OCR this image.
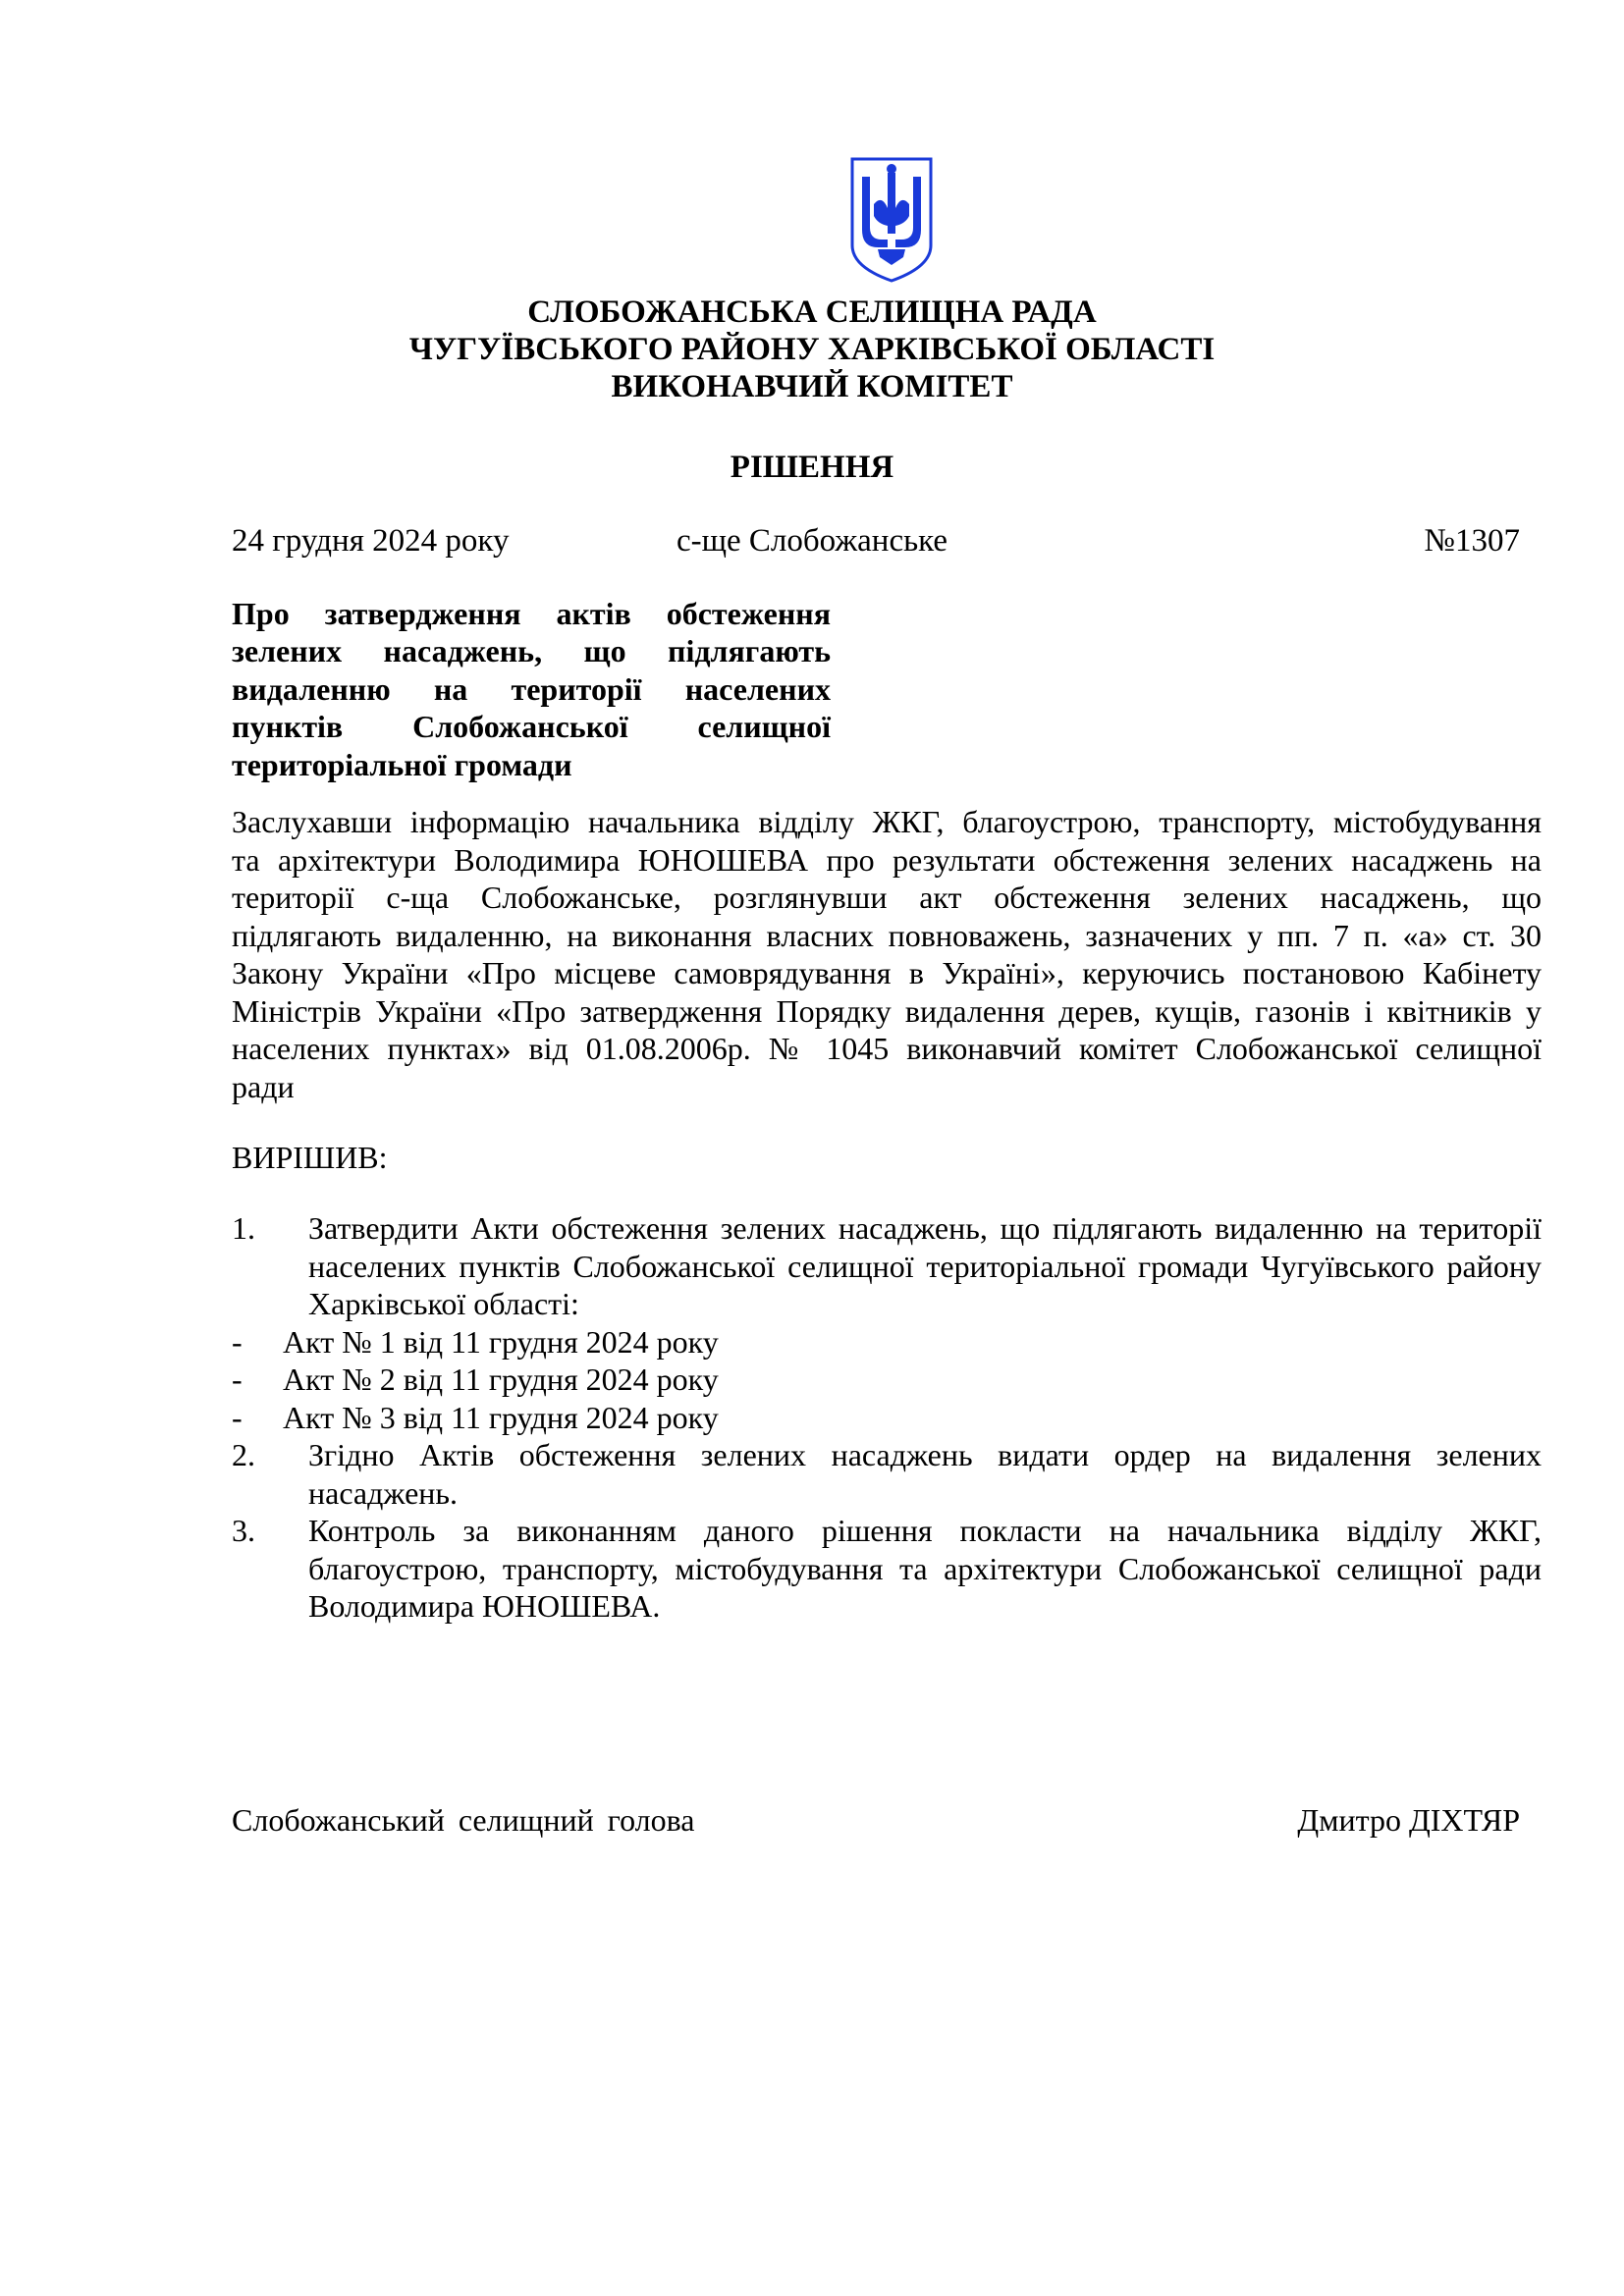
СЛОБОЖАНСЬКА СЕЛИЩНА РАДА
ЧУГУЇВСЬКОГО РАЙОНУ ХАРКІВСЬКОЇ ОБЛАСТІ
ВИКОНАВЧИЙ КОМІТЕТ
РІШЕННЯ
24 грудня 2024 року	с-ще Слобожанське	№1307
Про затвердження актів обстеження
зелених насаджень, що підлягають
видаленню на території населених
пунктів Слобожанської селищної
територіальної громади
Заслухавши інформацію начальника відділу ЖКГ, благоустрою, транспорту, містобудування
та архітектури Володимира ЮНОШЕВА про результати обстеження зелених насаджень на
території с-ща Слобожанське, розглянувши акт обстеження зелених насаджень, що
підлягають видаленню, на виконання власних повноважень, зазначених у пп. 7 п. «а» ст. 30
Закону України «Про місцеве самоврядування в Україні», керуючись постановою Кабінету
Міністрів України «Про затвердження Порядку видалення дерев, кущів, газонів і квітників у
населених пунктах» від 01.08.2006р. № 1045 виконавчий комітет Слобожанської селищної
ради
ВИРІШИВ:
1. Затвердити Акти обстеження зелених насаджень, що підлягають видаленню на території
населених пунктів Слобожанської селищної територіальної громади Чугуївського району
Харківської області:
- Акт № 1 від 11 грудня 2024 року
- Акт № 2 від 11 грудня 2024 року
- Акт № 3 від 11 грудня 2024 року
2. Згідно Актів обстеження зелених насаджень видати ордер на видалення зелених
насаджень.
3. Контроль за виконанням даного рішення покласти на начальника відділу ЖКГ,
благоустрою, транспорту, містобудування та архітектури Слобожанської селищної ради
Володимира ЮНОШЕВА.
Слобожанський селищний голова	Дмитро ДІХТЯР
